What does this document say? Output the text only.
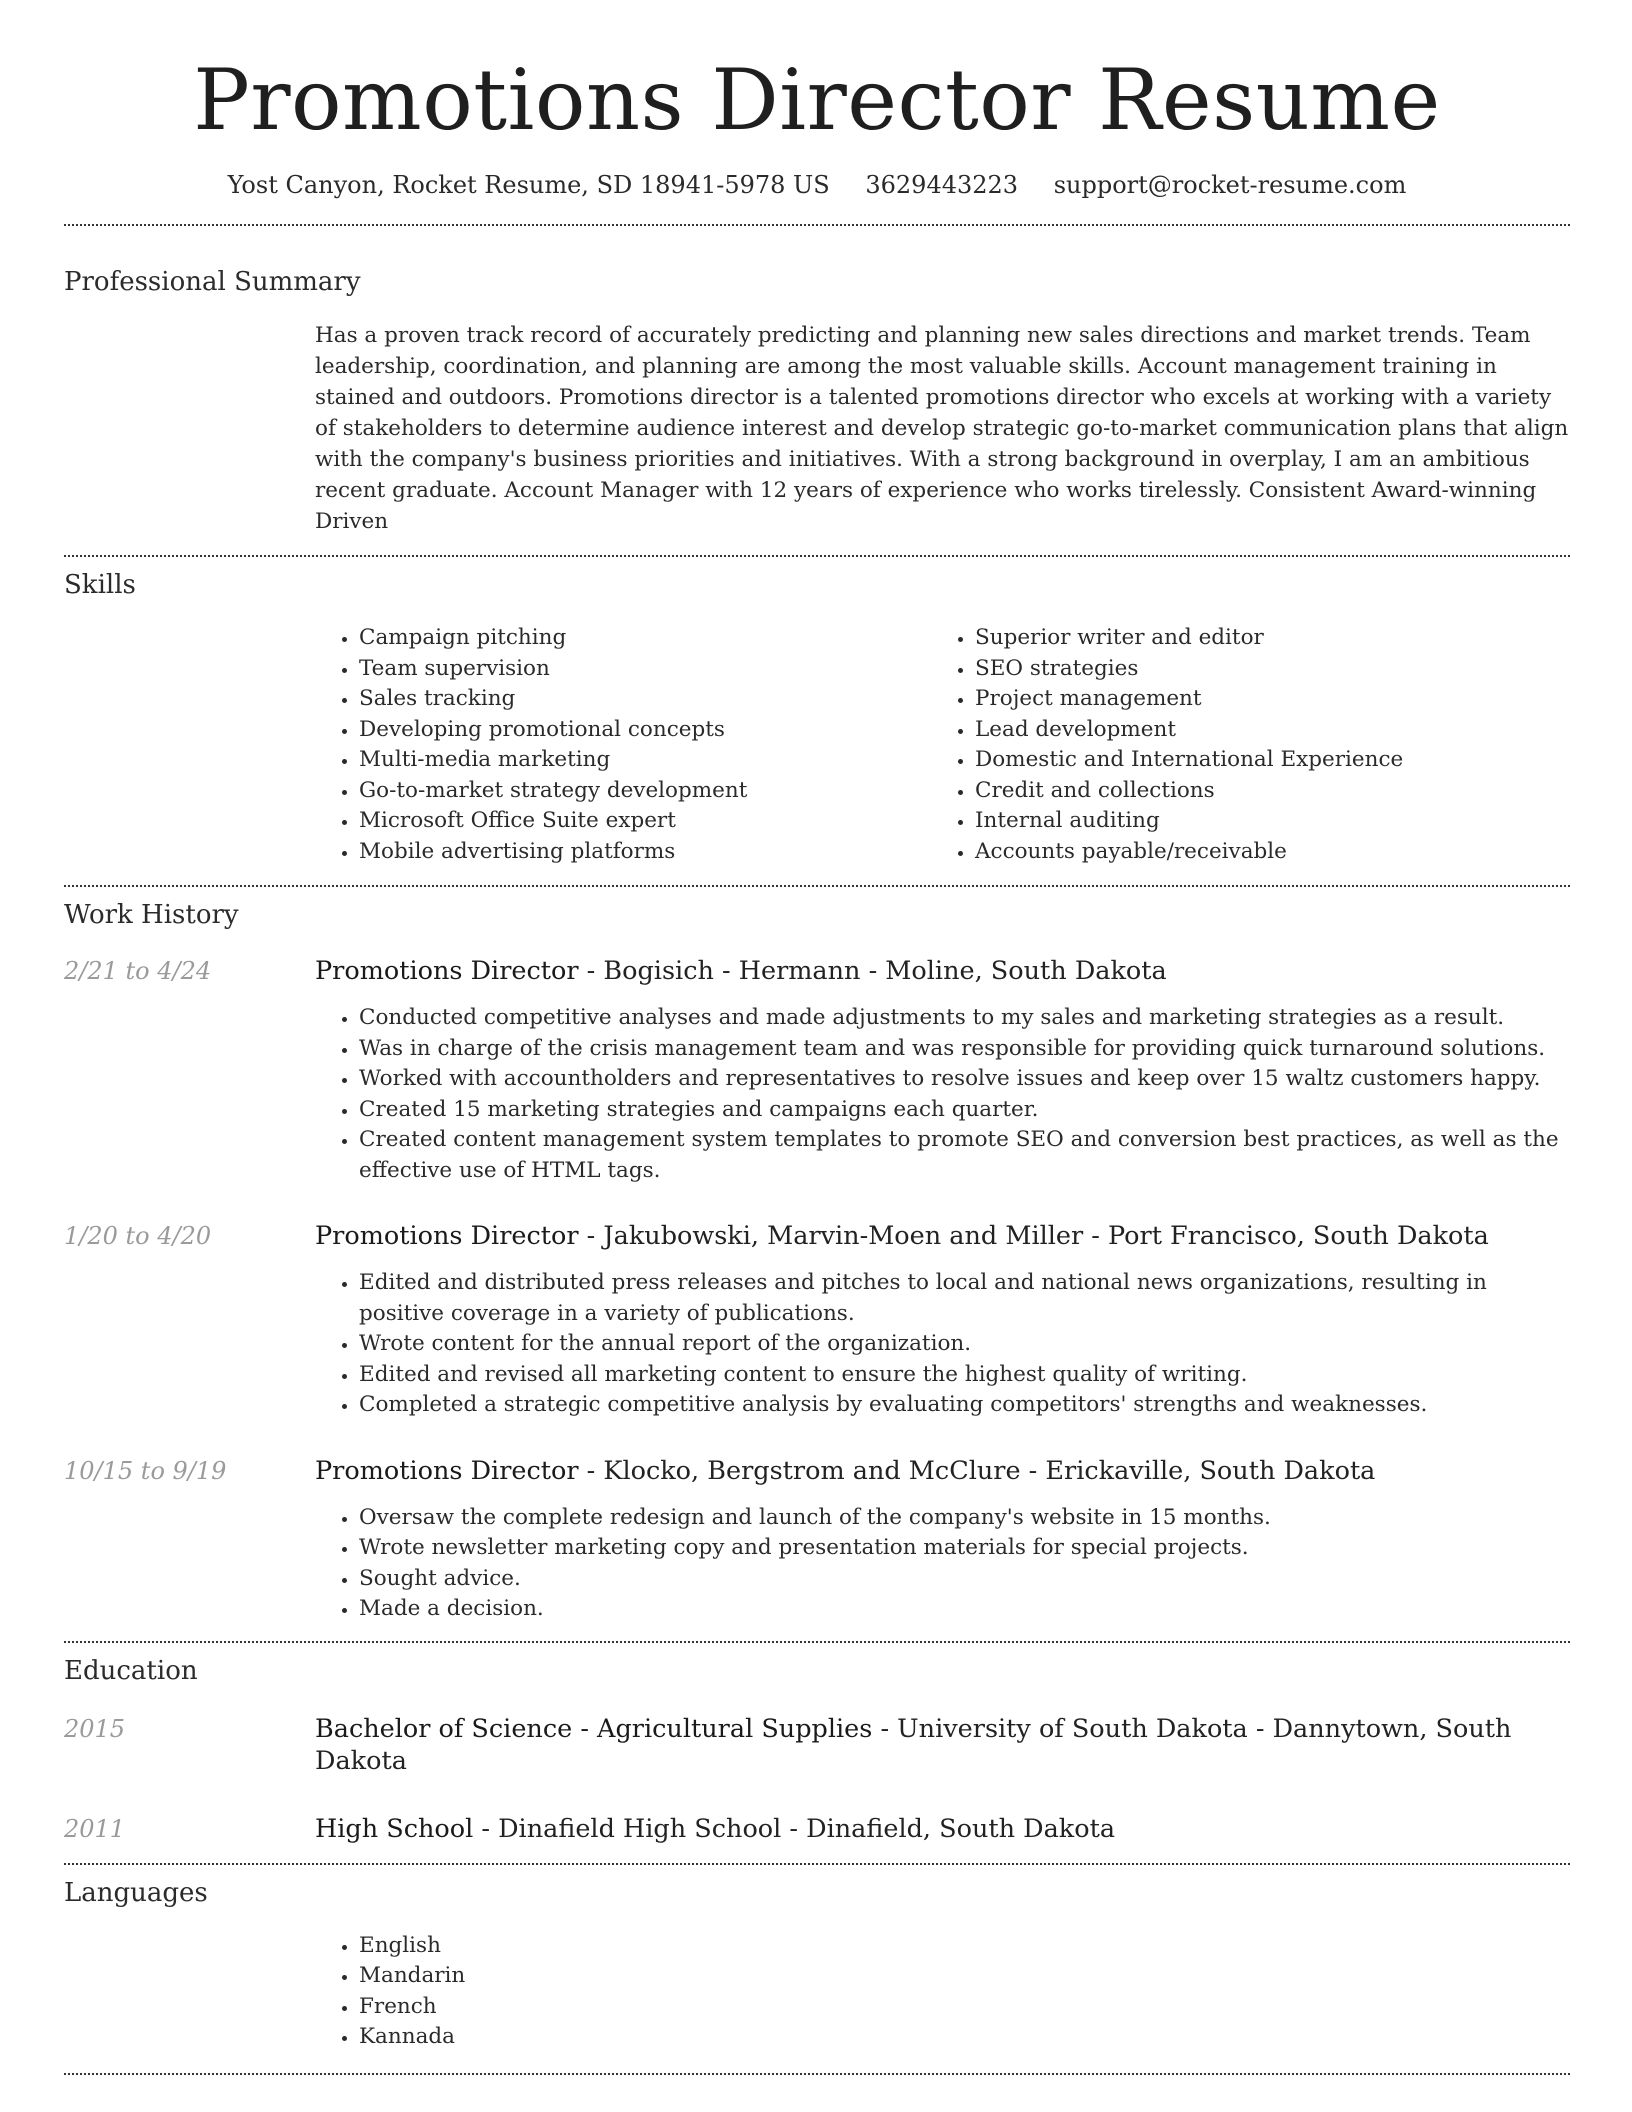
Promotions Director Resume
Yost Canyon, Rocket Resume, SD 18941-5978 US 3629443223 support@rocket-resume.com
Professional Summary

Has a proven track record of accurately predicting and planning new sales directions and market trends. Team leadership, coordination, and planning are among the most valuable skills. Account management training in stained and outdoors. Promotions director is a talented promotions director who excels at working with a variety of stakeholders to determine audience interest and develop strategic go-to-market communication plans that align with the company's business priorities and initiatives. With a strong background in overplay, I am an ambitious recent graduate. Account Manager with 12 years of experience who works tirelessly. Consistent Award-winning Driven

Skills
• Campaign pitching
• Team supervision
• Sales tracking
• Developing promotional concepts
• Multi-media marketing
• Go-to-market strategy development
• Microsoft Office Suite expert
• Mobile advertising platforms
• Superior writer and editor
• SEO strategies
• Project management
• Lead development
• Domestic and International Experience
• Credit and collections
• Internal auditing
• Accounts payable/receivable
Work History
2/21 to 4/24	Promotions Director - Bogisich - Hermann - Moline, South Dakota
• Conducted competitive analyses and made adjustments to my sales and marketing strategies as a result.
• Was in charge of the crisis management team and was responsible for providing quick turnaround solutions.
• Worked with accountholders and representatives to resolve issues and keep over 15 waltz customers happy.
• Created 15 marketing strategies and campaigns each quarter.
• Created content management system templates to promote SEO and conversion best practices, as well as the effective use of HTML tags.
1/20 to 4/20	Promotions Director - Jakubowski, Marvin-Moen and Miller - Port Francisco, South Dakota
• Edited and distributed press releases and pitches to local and national news organizations, resulting in positive coverage in a variety of publications.
• Wrote content for the annual report of the organization.
• Edited and revised all marketing content to ensure the highest quality of writing.
• Completed a strategic competitive analysis by evaluating competitors' strengths and weaknesses.
10/15 to 9/19	Promotions Director - Klocko, Bergstrom and McClure - Erickaville, South Dakota
• Oversaw the complete redesign and launch of the company's website in 15 months.
• Wrote newsletter marketing copy and presentation materials for special projects.
• Sought advice.
• Made a decision.
Education
2015	Bachelor of Science - Agricultural Supplies - University of South Dakota - Dannytown, South Dakota
2011	High School - Dinafield High School - Dinafield, South Dakota
Languages
• English
• Mandarin
• French
• Kannada
